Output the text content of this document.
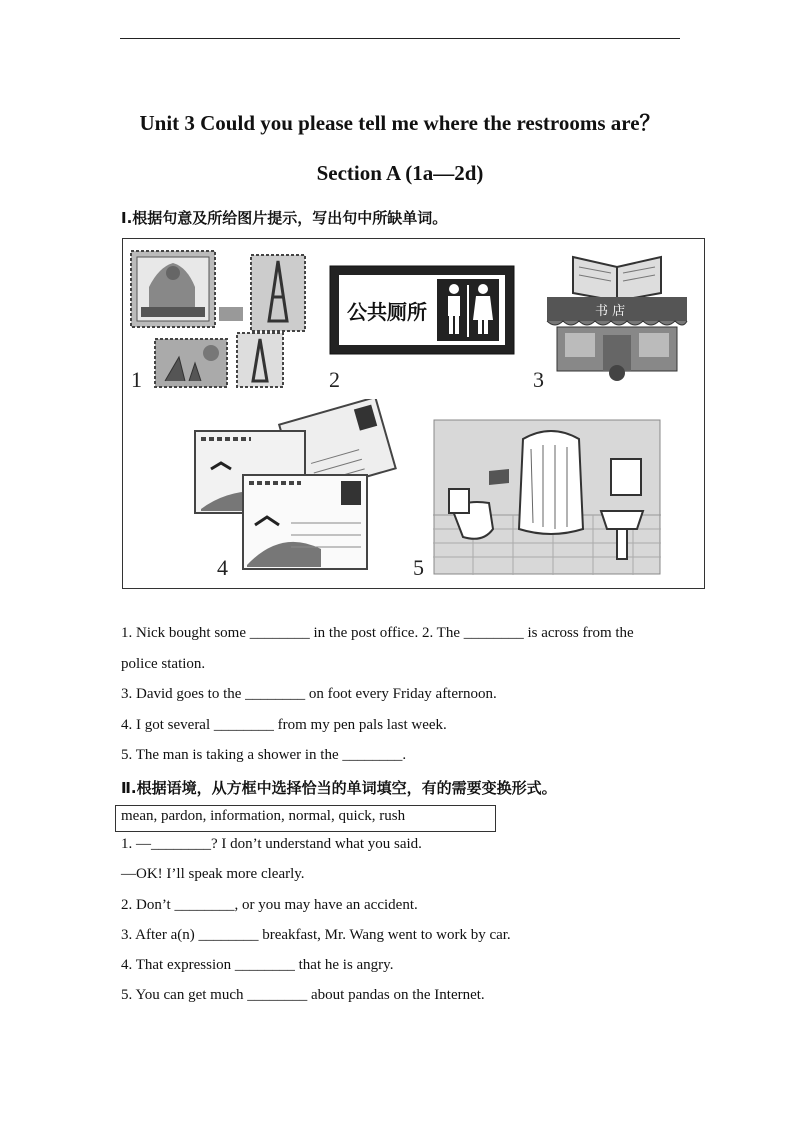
Unit 3 Could you please tell me where the restrooms are？
Section A (1a—2d)
Ⅰ.根据句意及所给图片提示，写出句中所缺单词。
1
公共厕所
2
书 店
3
4	5
1. Nick bought some ________ in the post office. 2. The ________ is across from the
police station.
3. David goes to the ________ on foot every Friday afternoon.
4. I got several ________ from my pen pals last week.
5. The man is taking a shower in the ________.
Ⅱ.根据语境，从方框中选择恰当的单词填空，有的需要变换形式。
mean, pardon, information, normal, quick, rush
1. —________? I don’t understand what you said.
—OK! I’ll speak more clearly.
2. Don’t ________, or you may have an accident.
3. After a(n) ________ breakfast, Mr. Wang went to work by car.
4. That expression ________ that he is angry.
5. You can get much ________ about pandas on the Internet.
